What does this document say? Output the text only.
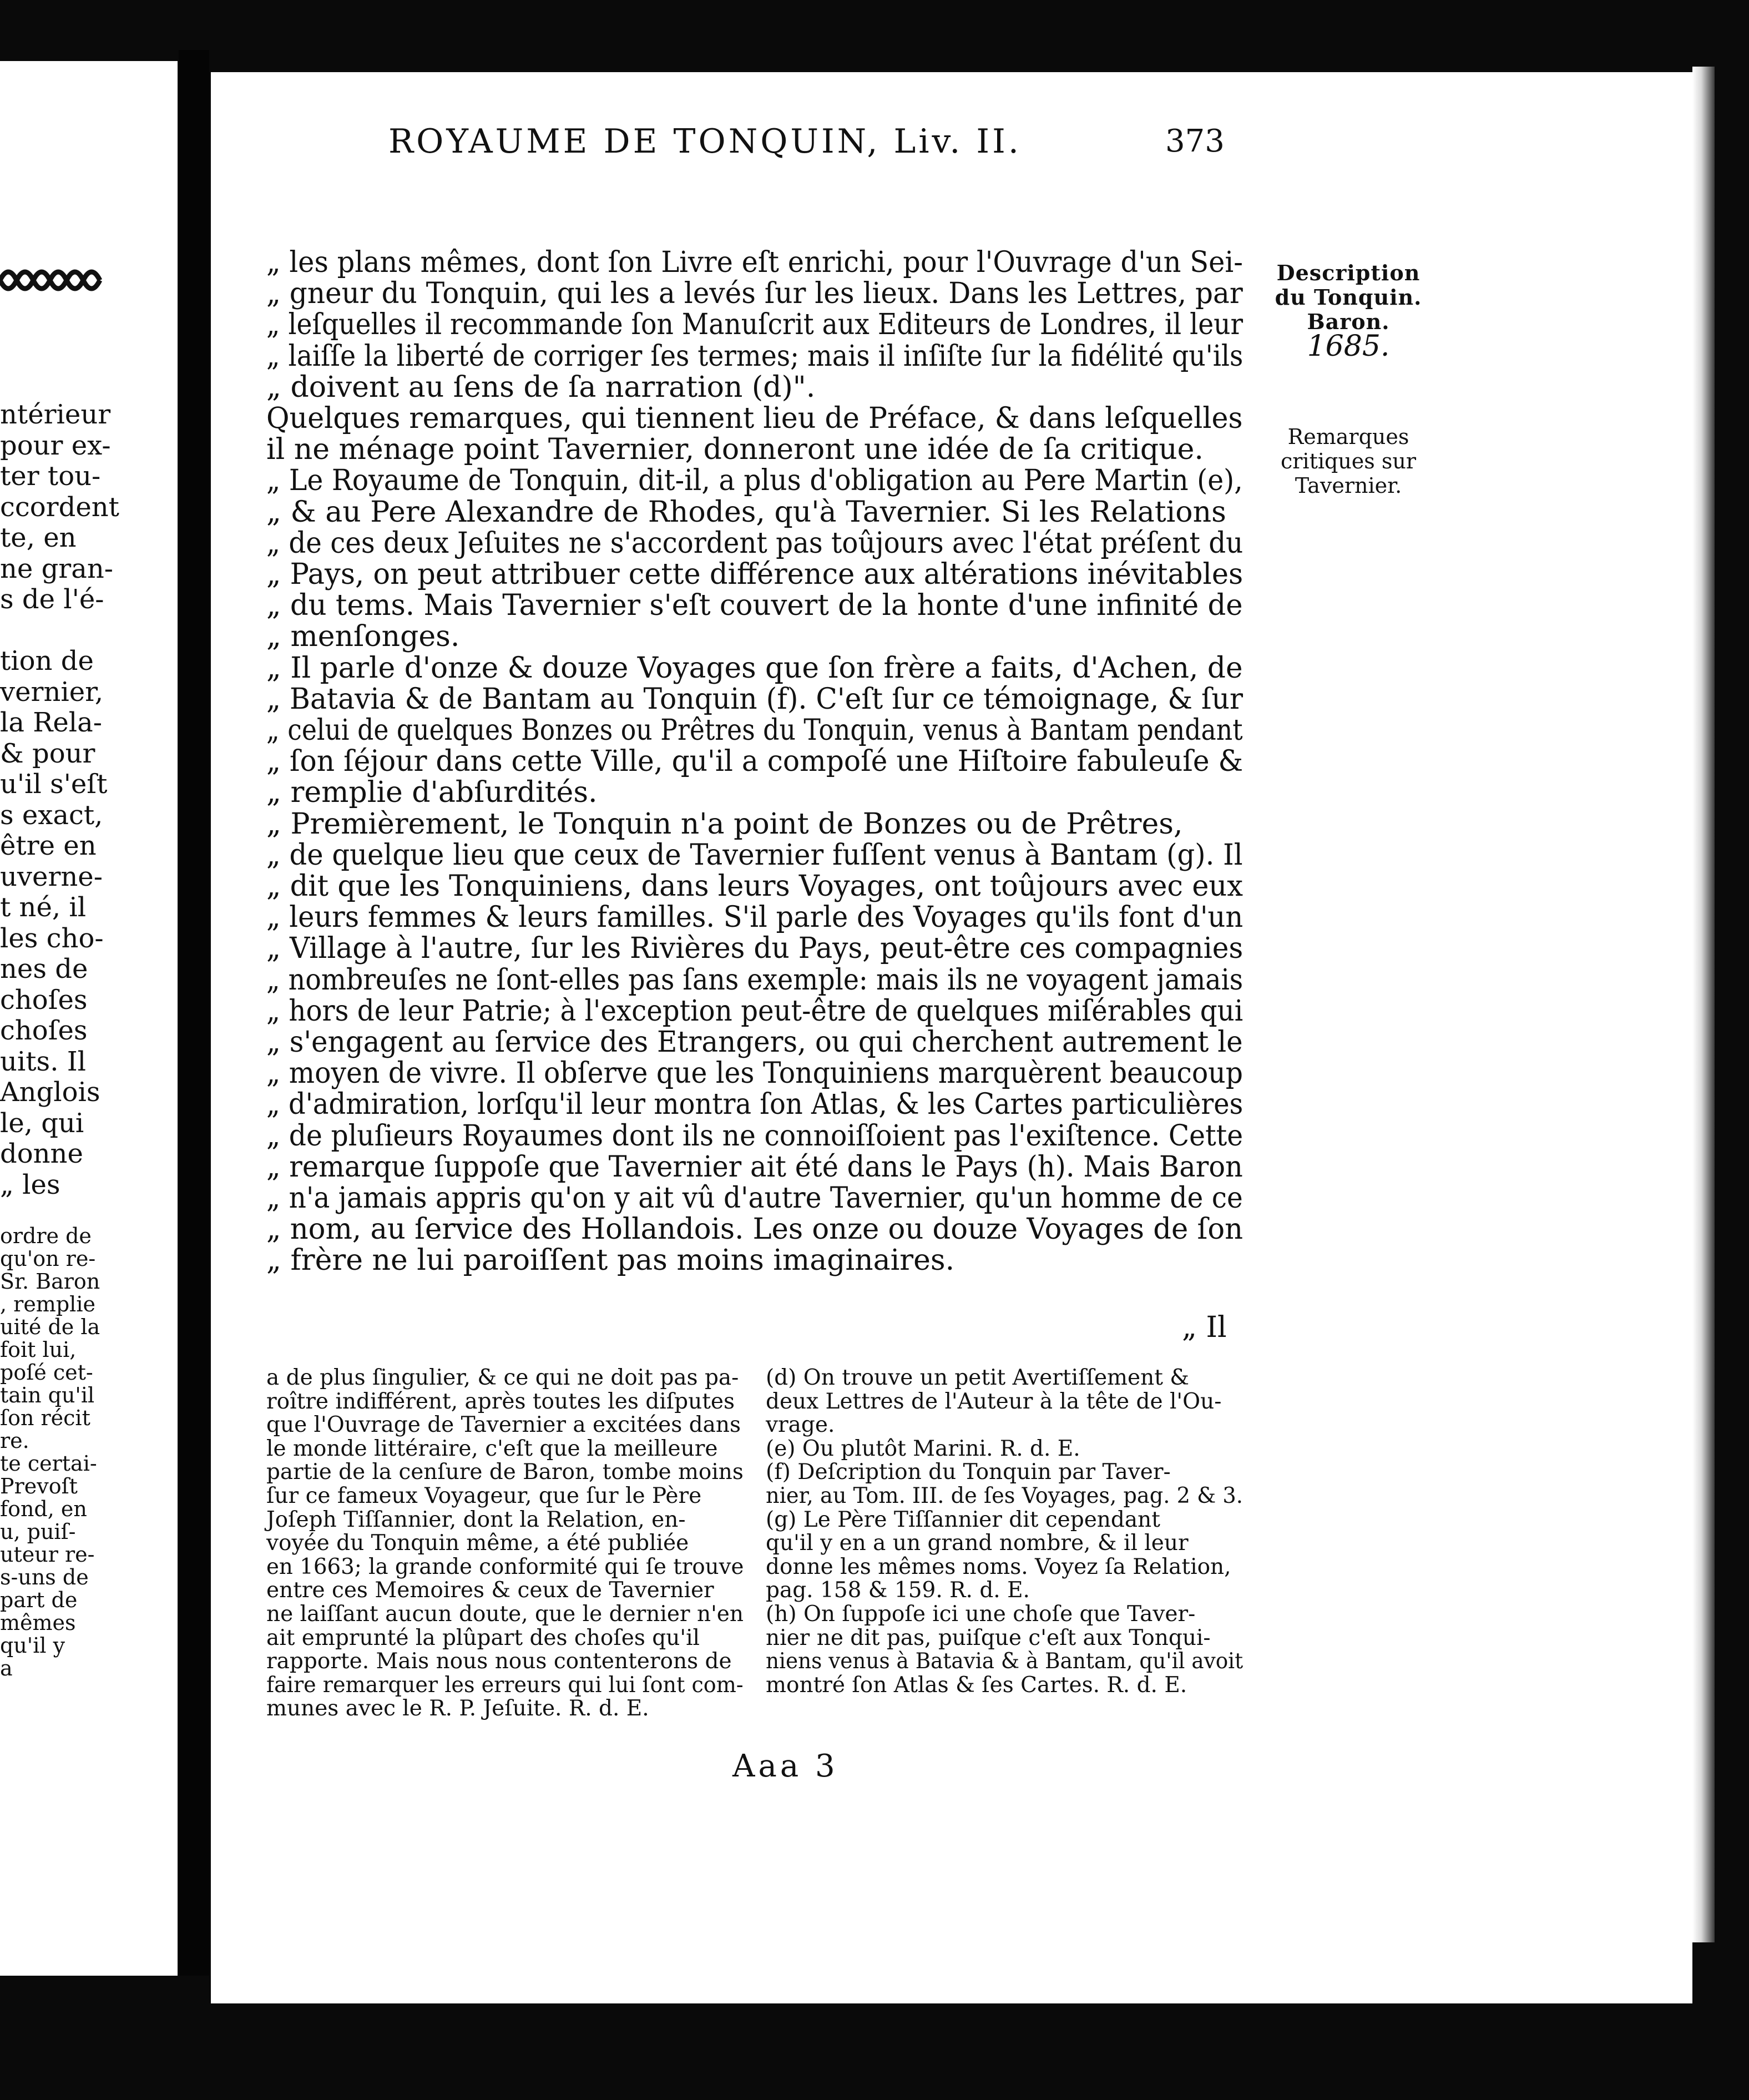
ntérieur
pour ex-
ter tou-
ccordent
te, en
ne gran-
s de l'é-
tion de
vernier,
la Rela-
& pour
u'il s'eſt
s exact,
être en
uverne-
t né, il
les cho-
nes de
choſes
choſes
uits. Il
Anglois
le, qui
donne
„ les
ordre de
qu'on re-
Sr. Baron
, remplie
uité de la
foit lui,
poſé cet-
tain qu'il
ſon récit
re.
te certai-
Prevoſt
fond, en
u, puiſ-
uteur re-
s-uns de
part de
mêmes
qu'il y
a
ROYAUME DE TONQUIN, Liv. II.	373
Description
du Tonquin.
Baron.
1685.
Remarques
critiques sur
Tavernier.
„ les plans mêmes, dont ſon Livre eſt enrichi, pour l'Ouvrage d'un Sei-
„ gneur du Tonquin, qui les a levés ſur les lieux. Dans les Lettres, par
„ leſquelles il recommande ſon Manuſcrit aux Editeurs de Londres, il leur
„ laiſſe la liberté de corriger ſes termes; mais il inſiſte ſur la fidélité qu'ils
„ doivent au ſens de ſa narration (d)".
Quelques remarques, qui tiennent lieu de Préface, & dans leſquelles
il ne ménage point Tavernier, donneront une idée de ſa critique.
„ Le Royaume de Tonquin, dit-il, a plus d'obligation au Pere Martin (e),
„ & au Pere Alexandre de Rhodes, qu'à Tavernier. Si les Relations
„ de ces deux Jeſuites ne s'accordent pas toûjours avec l'état préſent du
„ Pays, on peut attribuer cette différence aux altérations inévitables
„ du tems. Mais Tavernier s'eſt couvert de la honte d'une infinité de
„ menſonges.
„ Il parle d'onze & douze Voyages que ſon frère a faits, d'Achen, de
„ Batavia & de Bantam au Tonquin (f). C'eſt ſur ce témoignage, & ſur
„ celui de quelques Bonzes ou Prêtres du Tonquin, venus à Bantam pendant
„ ſon ſéjour dans cette Ville, qu'il a compoſé une Hiſtoire fabuleuſe &
„ remplie d'abſurdités.
„ Premièrement, le Tonquin n'a point de Bonzes ou de Prêtres,
„ de quelque lieu que ceux de Tavernier fuſſent venus à Bantam (g). Il
„ dit que les Tonquiniens, dans leurs Voyages, ont toûjours avec eux
„ leurs femmes & leurs familles. S'il parle des Voyages qu'ils font d'un
„ Village à l'autre, ſur les Rivières du Pays, peut-être ces compagnies
„ nombreuſes ne ſont-elles pas ſans exemple: mais ils ne voyagent jamais
„ hors de leur Patrie; à l'exception peut-être de quelques miſérables qui
„ s'engagent au ſervice des Etrangers, ou qui cherchent autrement le
„ moyen de vivre. Il obſerve que les Tonquiniens marquèrent beaucoup
„ d'admiration, lorſqu'il leur montra ſon Atlas, & les Cartes particulières
„ de pluſieurs Royaumes dont ils ne connoiſſoient pas l'exiſtence. Cette
„ remarque ſuppoſe que Tavernier ait été dans le Pays (h). Mais Baron
„ n'a jamais appris qu'on y ait vû d'autre Tavernier, qu'un homme de ce
„ nom, au ſervice des Hollandois. Les onze ou douze Voyages de ſon
„ frère ne lui paroiſſent pas moins imaginaires.
„ Il
a de plus ſingulier, & ce qui ne doit pas pa-
roître indifférent, après toutes les diſputes
que l'Ouvrage de Tavernier a excitées dans
le monde littéraire, c'eſt que la meilleure
partie de la cenſure de Baron, tombe moins
ſur ce fameux Voyageur, que ſur le Père
Joſeph Tiſſannier, dont la Relation, en-
voyée du Tonquin même, a été publiée
en 1663; la grande conformité qui ſe trouve
entre ces Memoires & ceux de Tavernier
ne laiſſant aucun doute, que le dernier n'en
ait emprunté la plûpart des choſes qu'il
rapporte. Mais nous nous contenterons de
faire remarquer les erreurs qui lui ſont com-
munes avec le R. P. Jeſuite. R. d. E.
(d) On trouve un petit Avertiſſement &
deux Lettres de l'Auteur à la tête de l'Ou-
vrage.
(e) Ou plutôt Marini. R. d. E.
(f) Deſcription du Tonquin par Taver-
nier, au Tom. III. de ſes Voyages, pag. 2 & 3.
(g) Le Père Tiſſannier dit cependant
qu'il y en a un grand nombre, & il leur
donne les mêmes noms. Voyez ſa Relation,
pag. 158 & 159. R. d. E.
(h) On ſuppoſe ici une choſe que Taver-
nier ne dit pas, puiſque c'eſt aux Tonqui-
niens venus à Batavia & à Bantam, qu'il avoit
montré ſon Atlas & ſes Cartes. R. d. E.
Aaa 3
